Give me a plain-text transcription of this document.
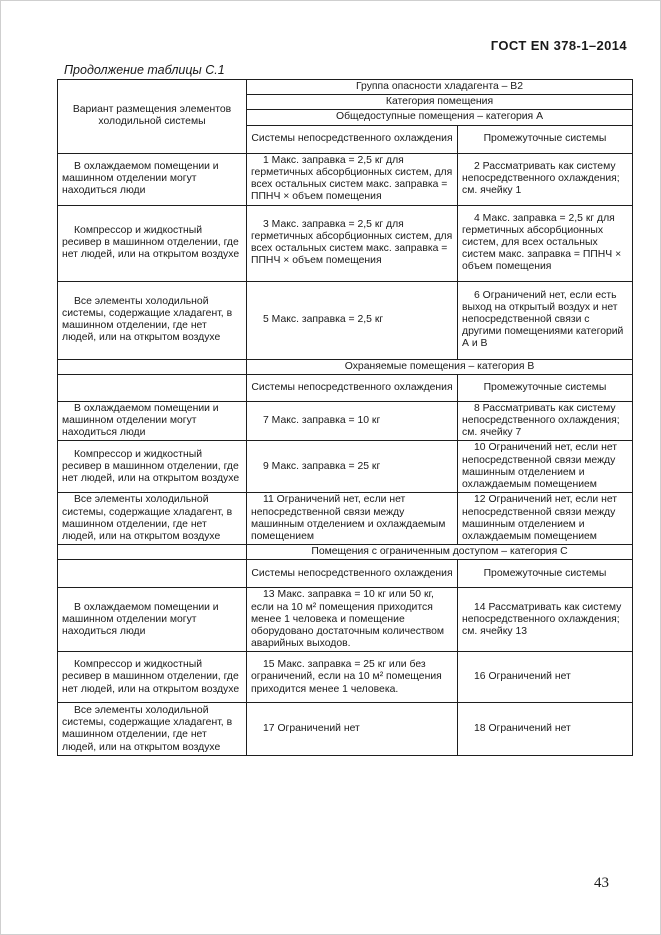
ГОСТ EN 378-1–2014
Продолжение таблицы С.1
Вариант размещения элементов холодильной системы	Группа опасности хладагента – В2	
	Категория помещения	
	Общедоступные помещения – категория А	
	Системы непосредственного охлаждения	Промежуточные системы
В охлаждаемом помещении и машинном отделении могут находиться люди	1 Макс. заправка = 2,5 кг для герметичных абсорбционных систем, для всех остальных систем макс. заправка = ППНЧ × объем помещения	2 Рассматривать как систему непосредственного охлаждения; см. ячейку 1
Компрессор и жидкостный ресивер в машинном отделении, где нет людей, или на открытом воздухе	3 Макс. заправка = 2,5 кг для герметичных абсорбционных систем, для всех остальных систем макс. заправка = ППНЧ × объем помещения	4 Макс. заправка = 2,5 кг для герметичных абсорбционных систем, для всех остальных систем макс. заправка = ППНЧ × объем помещения
Все элементы холодильной системы, содержащие хладагент, в машинном отделении, где нет людей, или на открытом воздухе	5 Макс. заправка = 2,5 кг	6 Ограничений нет, если есть выход на открытый воздух и нет непосредственной связи с другими помещениями категорий А и В
	Охраняемые помещения – категория В	
	Системы непосредственного охлаждения	Промежуточные системы
В охлаждаемом помещении и машинном отделении могут находиться люди	7 Макс. заправка = 10 кг	8 Рассматривать как систему непосредственного охлаждения; см. ячейку 7
Компрессор и жидкостный ресивер в машинном отделении, где нет людей, или на открытом воздухе	9 Макс. заправка = 25 кг	10 Ограничений нет, если нет непосредственной связи между машинным отделением и охлаждаемым помещением
Все элементы холодильной системы, содержащие хладагент, в машинном отделении, где нет людей, или на открытом воздухе	11 Ограничений нет, если нет непосредственной связи между машинным отделением и охлаждаемым помещением	12 Ограничений нет, если нет непосредственной связи между машинным отделением и охлаждаемым помещением
	Помещения с ограниченным доступом – категория С	
	Системы непосредственного охлаждения	Промежуточные системы
В охлаждаемом помещении и машинном отделении могут находиться люди	13 Макс. заправка = 10 кг или 50 кг, если на 10 м² помещения приходится менее 1 человека и помещение оборудовано достаточным количеством аварийных выходов.	14 Рассматривать как систему непосредственного охлаждения; см. ячейку 13
Компрессор и жидкостный ресивер в машинном отделении, где нет людей, или на открытом воздухе	15 Макс. заправка = 25 кг или без ограничений, если на 10 м² помещения приходится менее 1 человека.	16 Ограничений нет
Все элементы холодильной системы, содержащие хладагент, в машинном отделении, где нет людей, или на открытом воздухе	17 Ограничений нет	18 Ограничений нет
43
